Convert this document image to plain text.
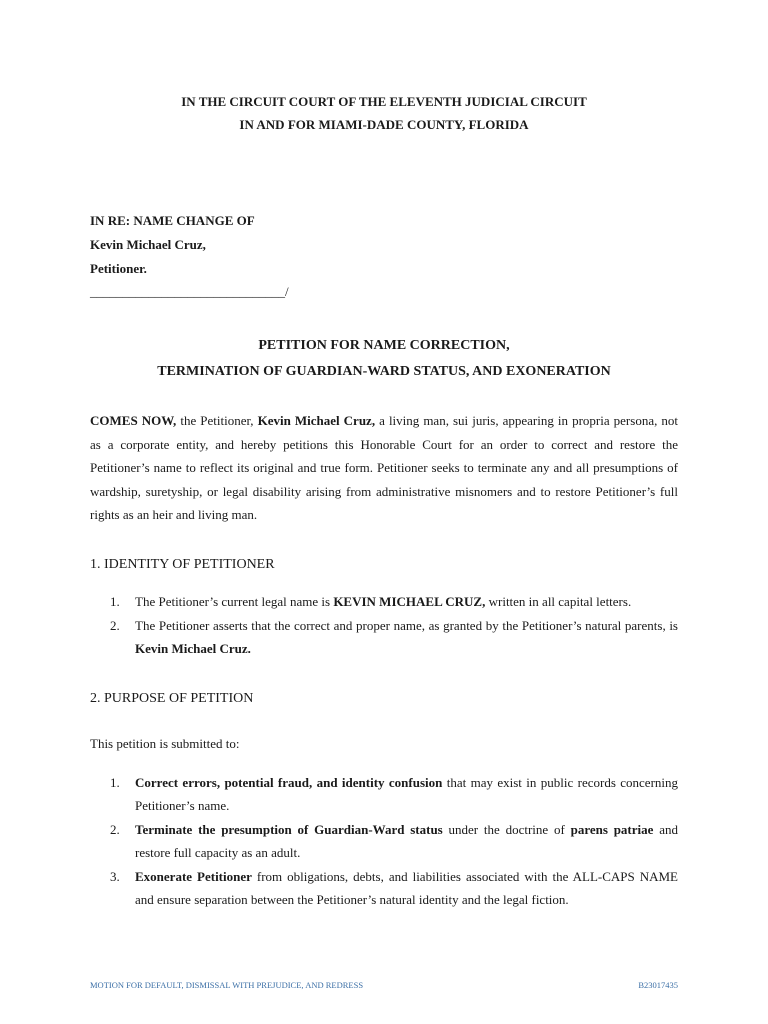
IN THE CIRCUIT COURT OF THE ELEVENTH JUDICIAL CIRCUIT
IN AND FOR MIAMI-DADE COUNTY, FLORIDA
IN RE: NAME CHANGE OF
Kevin Michael Cruz,
Petitioner.
______________________________/
PETITION FOR NAME CORRECTION,
TERMINATION OF GUARDIAN-WARD STATUS, AND EXONERATION
COMES NOW, the Petitioner, Kevin Michael Cruz, a living man, sui juris, appearing in propria persona, not as a corporate entity, and hereby petitions this Honorable Court for an order to correct and restore the Petitioner’s name to reflect its original and true form. Petitioner seeks to terminate any and all presumptions of wardship, suretyship, or legal disability arising from administrative misnomers and to restore Petitioner’s full rights as an heir and living man.
1. IDENTITY OF PETITIONER
1. The Petitioner’s current legal name is KEVIN MICHAEL CRUZ, written in all capital letters.
2. The Petitioner asserts that the correct and proper name, as granted by the Petitioner’s natural parents, is Kevin Michael Cruz.
2. PURPOSE OF PETITION
This petition is submitted to:
1. Correct errors, potential fraud, and identity confusion that may exist in public records concerning Petitioner’s name.
2. Terminate the presumption of Guardian-Ward status under the doctrine of parens patriae and restore full capacity as an adult.
3. Exonerate Petitioner from obligations, debts, and liabilities associated with the ALL-CAPS NAME and ensure separation between the Petitioner’s natural identity and the legal fiction.
MOTION FOR DEFAULT, DISMISSAL WITH PREJUDICE, AND REDRESS	B23017435
